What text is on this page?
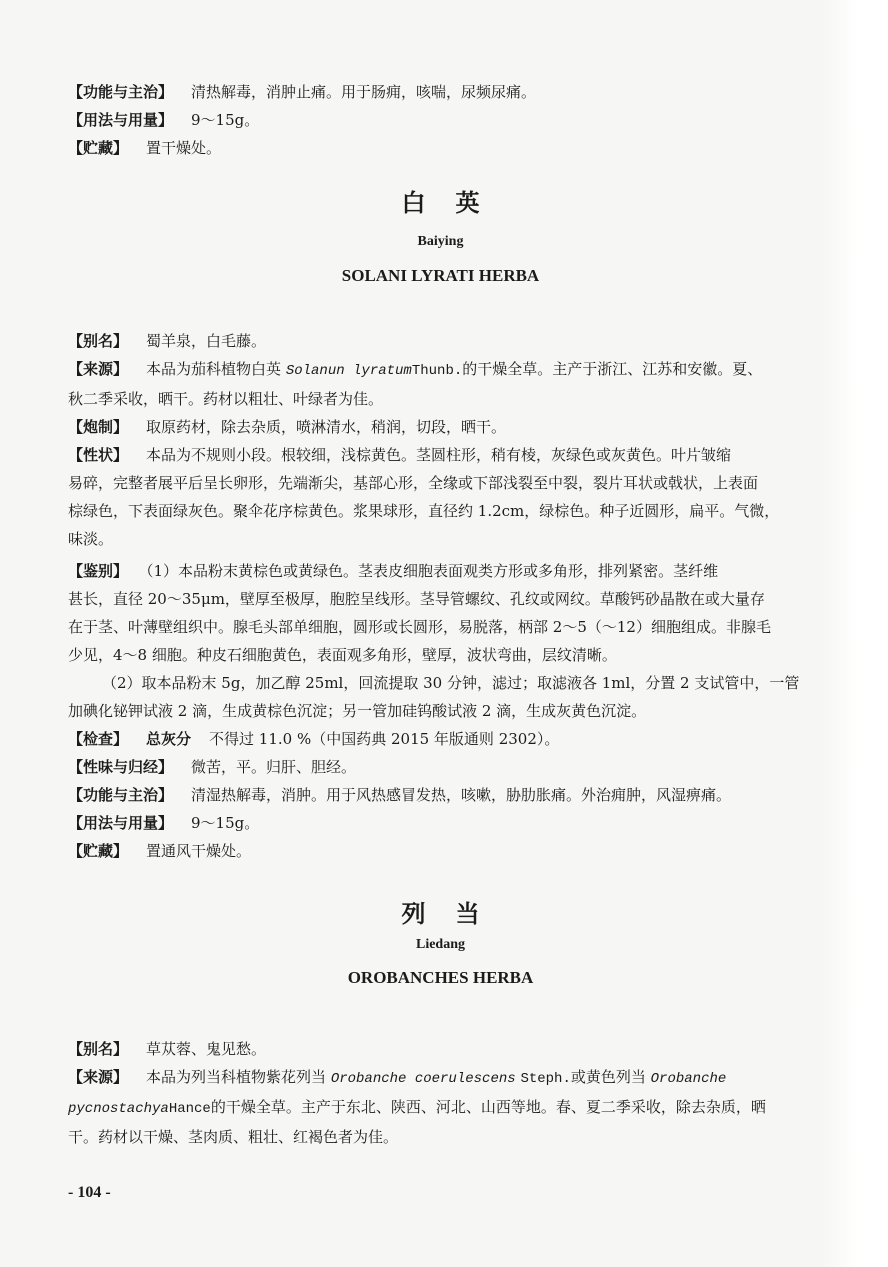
【功能与主治】 清热解毒，消肿止痛。用于肠痈，咳喘，尿频尿痛。
【用法与用量】 9～15g。
【贮藏】 置干燥处。
白英
Baiying
SOLANI LYRATI HERBA
【别名】 蜀羊泉，白毛藤。
【来源】 本品为茄科植物白英 Solanun lyratumThunb.的干燥全草。主产于浙江、江苏和安徽。夏、
秋二季采收，晒干。药材以粗壮、叶绿者为佳。
【炮制】 取原药材，除去杂质，喷淋清水，稍润，切段，晒干。
【性状】 本品为不规则小段。根较细，浅棕黄色。茎圆柱形，稍有棱，灰绿色或灰黄色。叶片皱缩
易碎，完整者展平后呈长卵形，先端渐尖，基部心形，全缘或下部浅裂至中裂，裂片耳状或戟状，上表面
棕绿色，下表面绿灰色。聚伞花序棕黄色。浆果球形，直径约 1.2cm，绿棕色。种子近圆形，扁平。气微，
味淡。
【鉴别】 （1）本品粉末黄棕色或黄绿色。茎表皮细胞表面观类方形或多角形，排列紧密。茎纤维
甚长，直径 20～35μm，壁厚至极厚，胞腔呈线形。茎导管螺纹、孔纹或网纹。草酸钙砂晶散在或大量存
在于茎、叶薄壁组织中。腺毛头部单细胞，圆形或长圆形，易脱落，柄部 2～5（～12）细胞组成。非腺毛
少见，4～8 细胞。种皮石细胞黄色，表面观多角形，壁厚，波状弯曲，层纹清晰。
（2）取本品粉末 5g，加乙醇 25ml，回流提取 30 分钟，滤过；取滤液各 1ml，分置 2 支试管中，一管
加碘化铋钾试液 2 滴，生成黄棕色沉淀；另一管加硅钨酸试液 2 滴，生成灰黄色沉淀。
【检查】 总灰分 不得过 11.0 %（中国药典 2015 年版通则 2302）。
【性味与归经】 微苦，平。归肝、胆经。
【功能与主治】 清湿热解毒，消肿。用于风热感冒发热，咳嗽，胁肋胀痛。外治痈肿，风湿痹痛。
【用法与用量】 9～15g。
【贮藏】 置通风干燥处。
列当
Liedang
OROBANCHES HERBA
【别名】 草苁蓉、鬼见愁。
【来源】 本品为列当科植物紫花列当 Orobanche coerulescens Steph.或黄色列当 Orobanche
pycnostachyaHance的干燥全草。主产于东北、陕西、河北、山西等地。春、夏二季采收，除去杂质，晒
干。药材以干燥、茎肉质、粗壮、红褐色者为佳。
- 104 -
